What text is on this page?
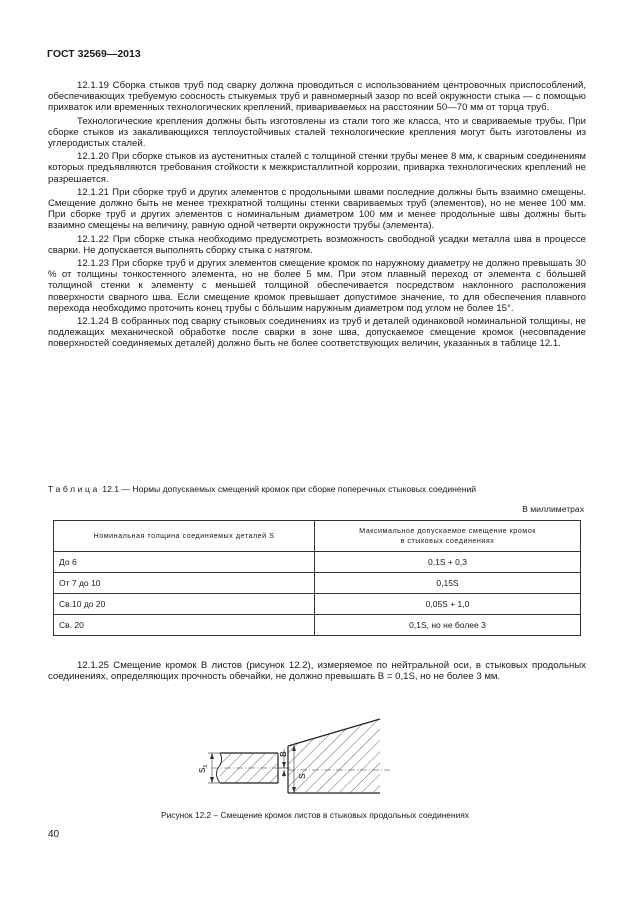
ГОСТ 32569—2013

12.1.19 Сборка стыков труб под сварку должна проводиться с использованием центровочных приспособлений, обеспечивающих требуемую соосность стыкуемых труб и равномерный зазор по всей окружности стыка — с помощью прихваток или временных технологических креплений, привариваемых на расстоянии 50—70 мм от торца труб.

Технологические крепления должны быть изготовлены из стали того же класса, что и свариваемые трубы. При сборке стыков из закаливающихся теплоустойчивых сталей технологические крепления могут быть изготовлены из углеродистых сталей.

12.1.20 При сборке стыков из аустенитных сталей с толщиной стенки трубы менее 8 мм, к сварным соединениям которых предъявляются требования стойкости к межкристаллитной коррозии, приварка технологических креплений не разрешается.

12.1.21 При сборке труб и других элементов с продольными швами последние должны быть взаимно смещены. Смещение должно быть не менее трехкратной толщины стенки свариваемых труб (элементов), но не менее 100 мм. При сборке труб и других элементов с номинальным диаметром 100 мм и менее продольные швы должны быть взаимно смещены на величину, равную одной четверти окружности трубы (элемента).

12.1.22 При сборке стыка необходимо предусмотреть возможность свободной усадки металла шва в процессе сварки. Не допускается выполнять сборку стыка с натягом.

12.1.23 При сборке труб и других элементов смещение кромок по наружному диаметру не должно превышать 30 % от толщины тонкостенного элемента, но не более 5 мм. При этом плавный переход от элемента с бóльшей толщиной стенки к элементу с меньшей толщиной обеспечивается посредством наклонного расположения поверхности сварного шва. Если смещение кромок превышает допустимое значение, то для обеспечения плавного перехода необходимо проточить конец трубы с бóльшим наружным диаметром под углом не более 15°.

12.1.24 В собранных под сварку стыковых соединениях из труб и деталей одинаковой номинальной толщины, не подлежащих механической обработке после сварки в зоне шва, допускаемое смещение кромок (несовпадение поверхностей соединяемых деталей) должно быть не более соответствующих величин, указанных в таблице 12.1.

Таблица 12.1 — Нормы допускаемых смещений кромок при сборке поперечных стыковых соединений
В миллиметрах
Номинальная толщина соединяемых деталей S	Максимальное допускаемое смещение кромок
в стыковых соединениях
До 6	0,1S + 0,3
От 7 до 10	0,15S
Св.10 до 20	0,05S + 1,0
Св. 20	0,1S, но не более 3

12.1.25 Смещение кромок B листов (рисунок 12.2), измеряемое по нейтральной оси, в стыковых продольных соединениях, определяющих прочность обечайки, не должно превышать B = 0,1S, но не более 3 мм.

$S_1$
B
S
Рисунок 12.2 – Смещение кромок листов в стыковых продольных соединениях
40
